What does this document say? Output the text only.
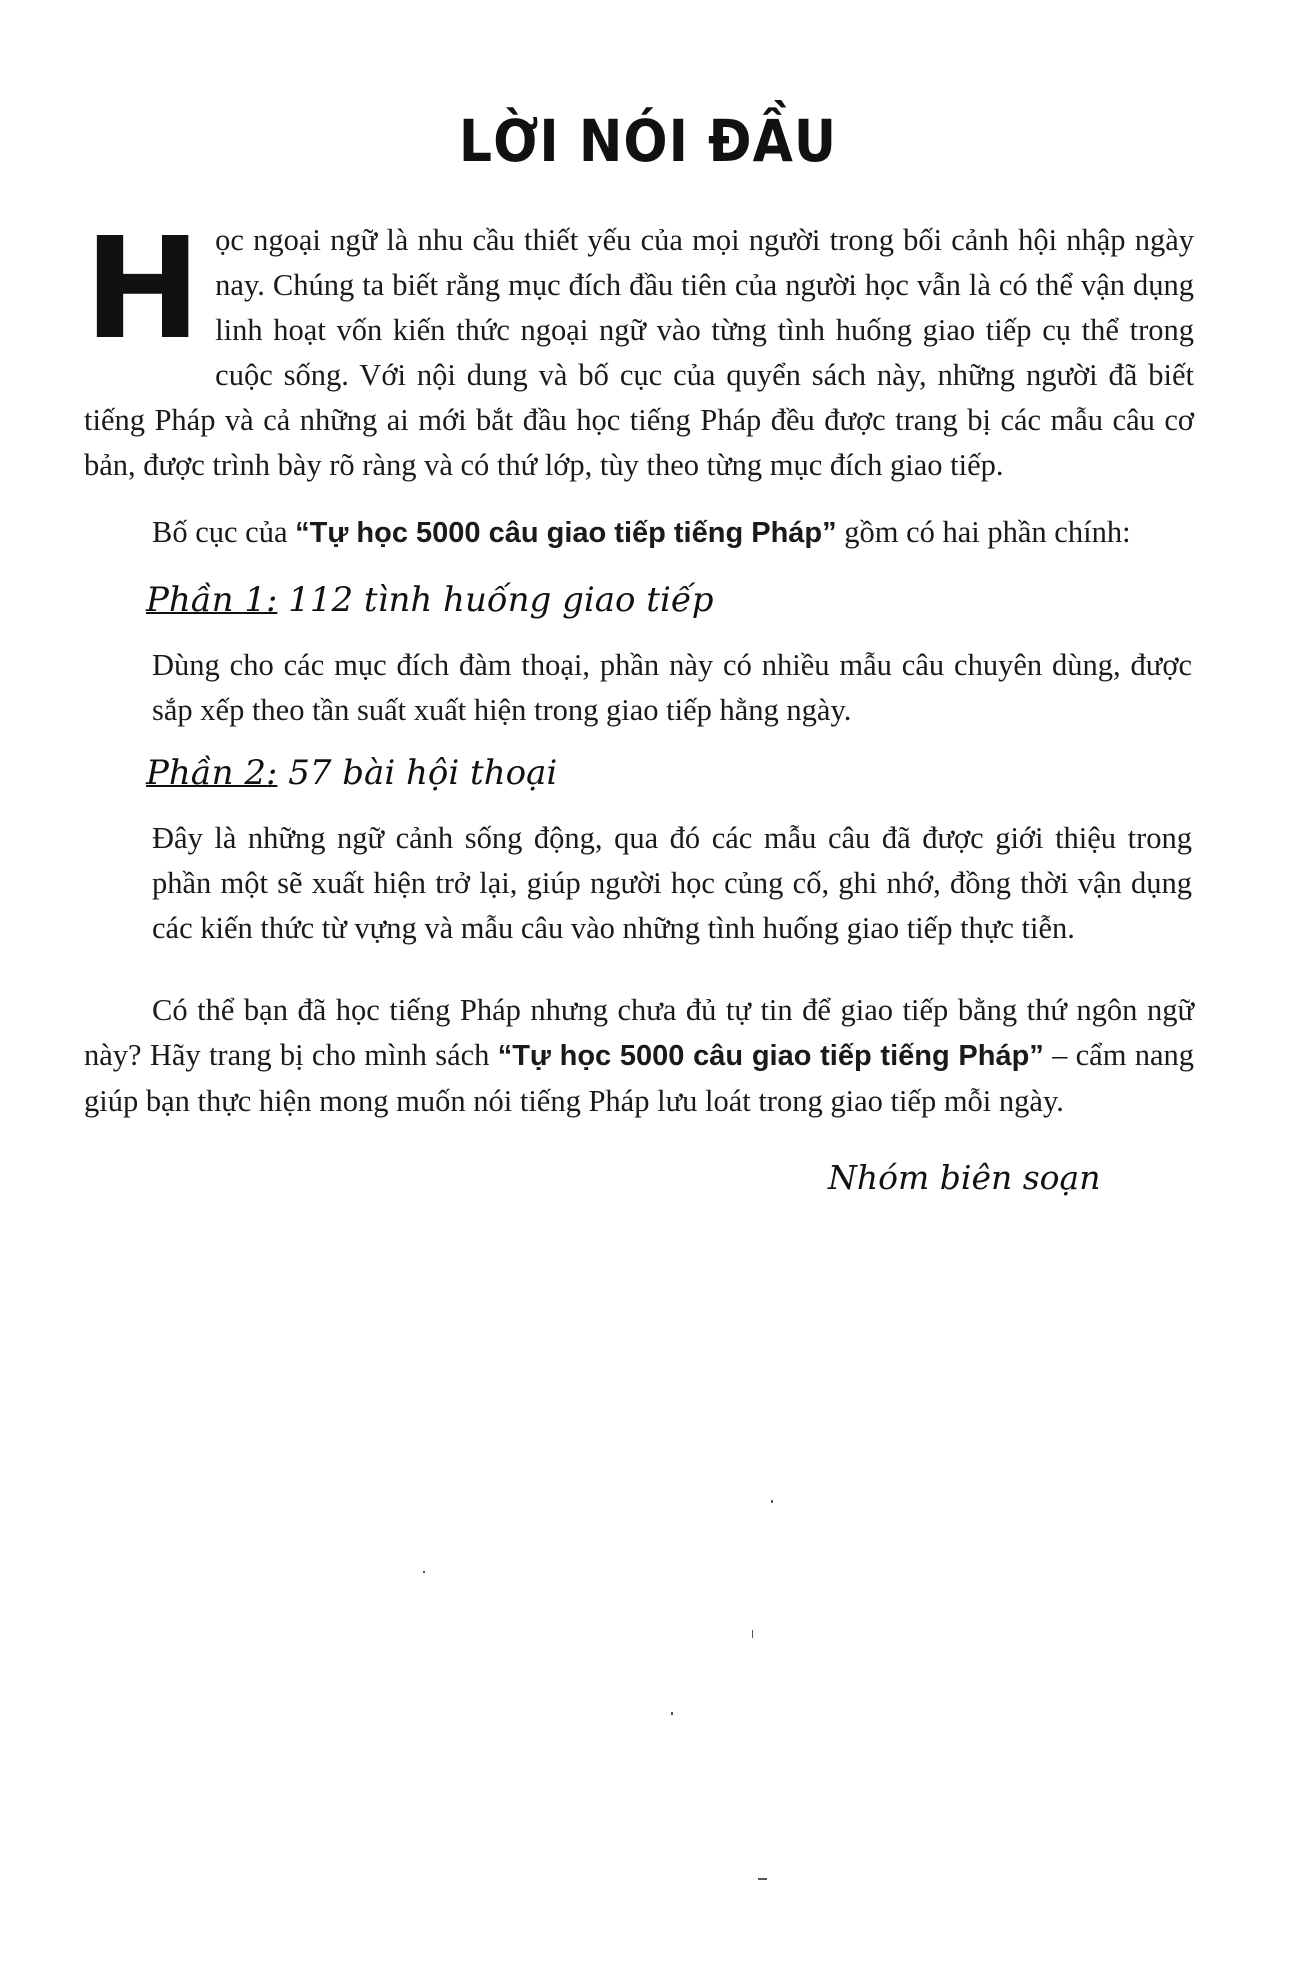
LỜI NÓI ĐẦU

Học ngoại ngữ là nhu cầu thiết yếu của mọi người trong bối cảnh hội nhập ngày nay. Chúng ta biết rằng mục đích đầu tiên của người học vẫn là có thể vận dụng linh hoạt vốn kiến thức ngoại ngữ vào từng tình huống giao tiếp cụ thể trong cuộc sống. Với nội dung và bố cục của quyển sách này, những người đã biết tiếng Pháp và cả những ai mới bắt đầu học tiếng Pháp đều được trang bị các mẫu câu cơ bản, được trình bày rõ ràng và có thứ lớp, tùy theo từng mục đích giao tiếp.

Bố cục của “Tự học 5000 câu giao tiếp tiếng Pháp” gồm có hai phần chính:

Phần 1: 112 tình huống giao tiếp

Dùng cho các mục đích đàm thoại, phần này có nhiều mẫu câu chuyên dùng, được sắp xếp theo tần suất xuất hiện trong giao tiếp hằng ngày.

Phần 2: 57 bài hội thoại

Đây là những ngữ cảnh sống động, qua đó các mẫu câu đã được giới thiệu trong phần một sẽ xuất hiện trở lại, giúp người học củng cố, ghi nhớ, đồng thời vận dụng các kiến thức từ vựng và mẫu câu vào những tình huống giao tiếp thực tiễn.

Có thể bạn đã học tiếng Pháp nhưng chưa đủ tự tin để giao tiếp bằng thứ ngôn ngữ này? Hãy trang bị cho mình sách “Tự học 5000 câu giao tiếp tiếng Pháp” – cẩm nang giúp bạn thực hiện mong muốn nói tiếng Pháp lưu loát trong giao tiếp mỗi ngày.

Nhóm biên soạn
